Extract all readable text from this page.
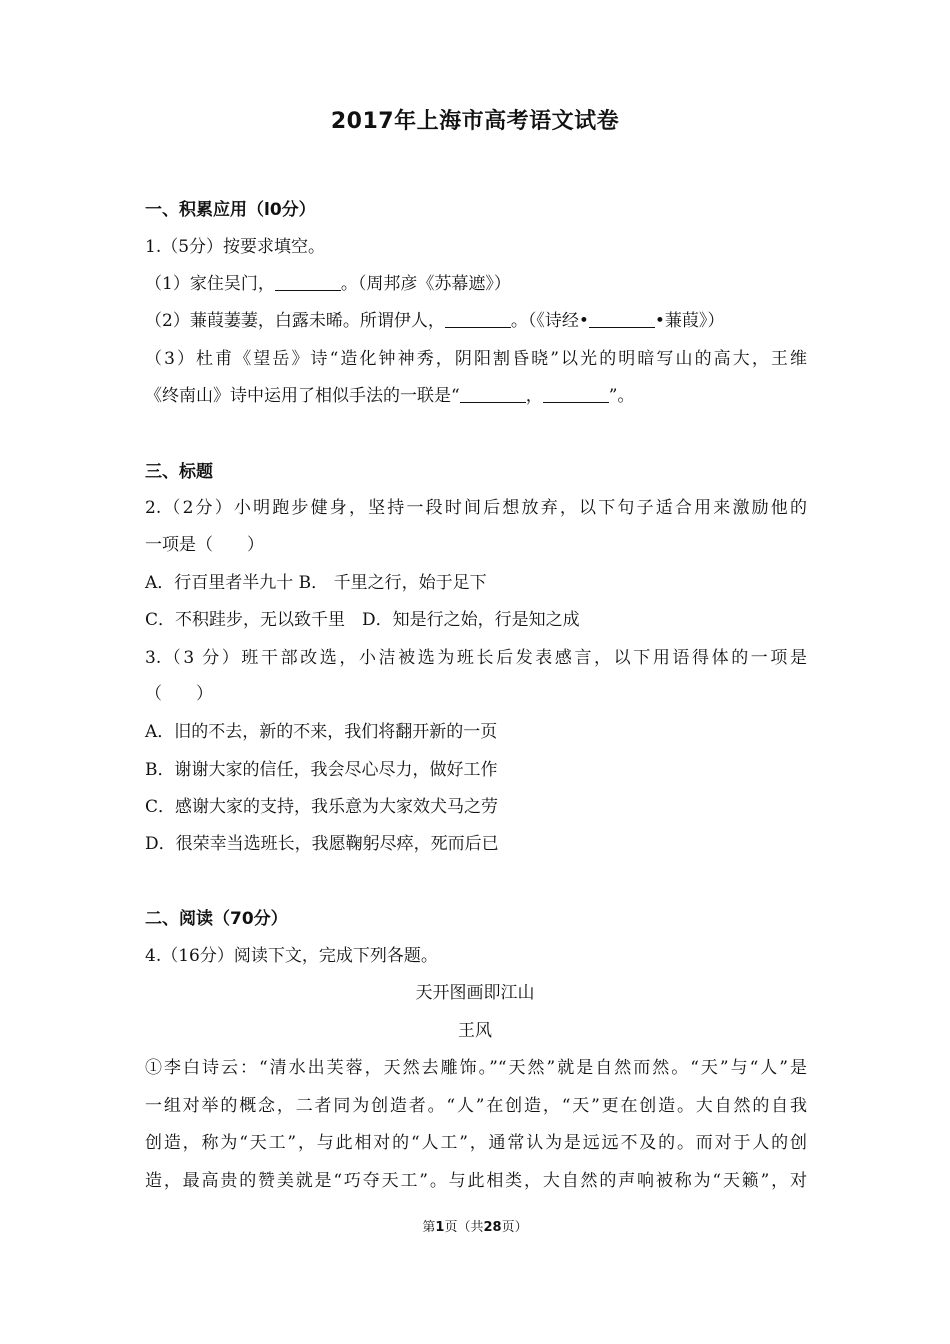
2017年上海市高考语文试卷
一、积累应用（l0分）
1.（5分）按要求填空。
（1）家住吴门，	。（周邦彦《苏幕遮》）
（2）蒹葭萋萋，白露未晞。所谓伊人，	。（《诗经•	•蒹葭》）
（3）杜甫《望岳》诗“造化钟神秀，阴阳割昏晓”以光的明暗写山的高大，王维
《终南山》诗中运用了相似手法的一联是“	，	”。
三、标题
2.（2分）小明跑步健身，坚持一段时间后想放弃，以下句子适合用来激励他的
一项是（　　）
A．行百里者半九十 B． 千里之行，始于足下
C．不积跬步，无以致千里　D．知是行之始，行是知之成
3.（3 分）班干部改选，小洁被选为班长后发表感言，以下用语得体的一项是
（　　）
A．旧的不去，新的不来，我们将翻开新的一页
B．谢谢大家的信任，我会尽心尽力，做好工作
C．感谢大家的支持，我乐意为大家效犬马之劳
D．很荣幸当选班长，我愿鞠躬尽瘁，死而后已
二、阅读（70分）
4.（16分）阅读下文，完成下列各题。
天开图画即江山
王风
①李白诗云：“清水出芙蓉，天然去雕饰。”“天然”就是自然而然。“天”与“人”是
一组对举的概念，二者同为创造者。“人”在创造，“天”更在创造。大自然的自我
创造，称为“天工”，与此相对的“人工”，通常认为是远远不及的。而对于人的创
造，最高贵的赞美就是“巧夺天工”。与此相类，大自然的声响被称为“天籁”，对
第1页（共28页）
